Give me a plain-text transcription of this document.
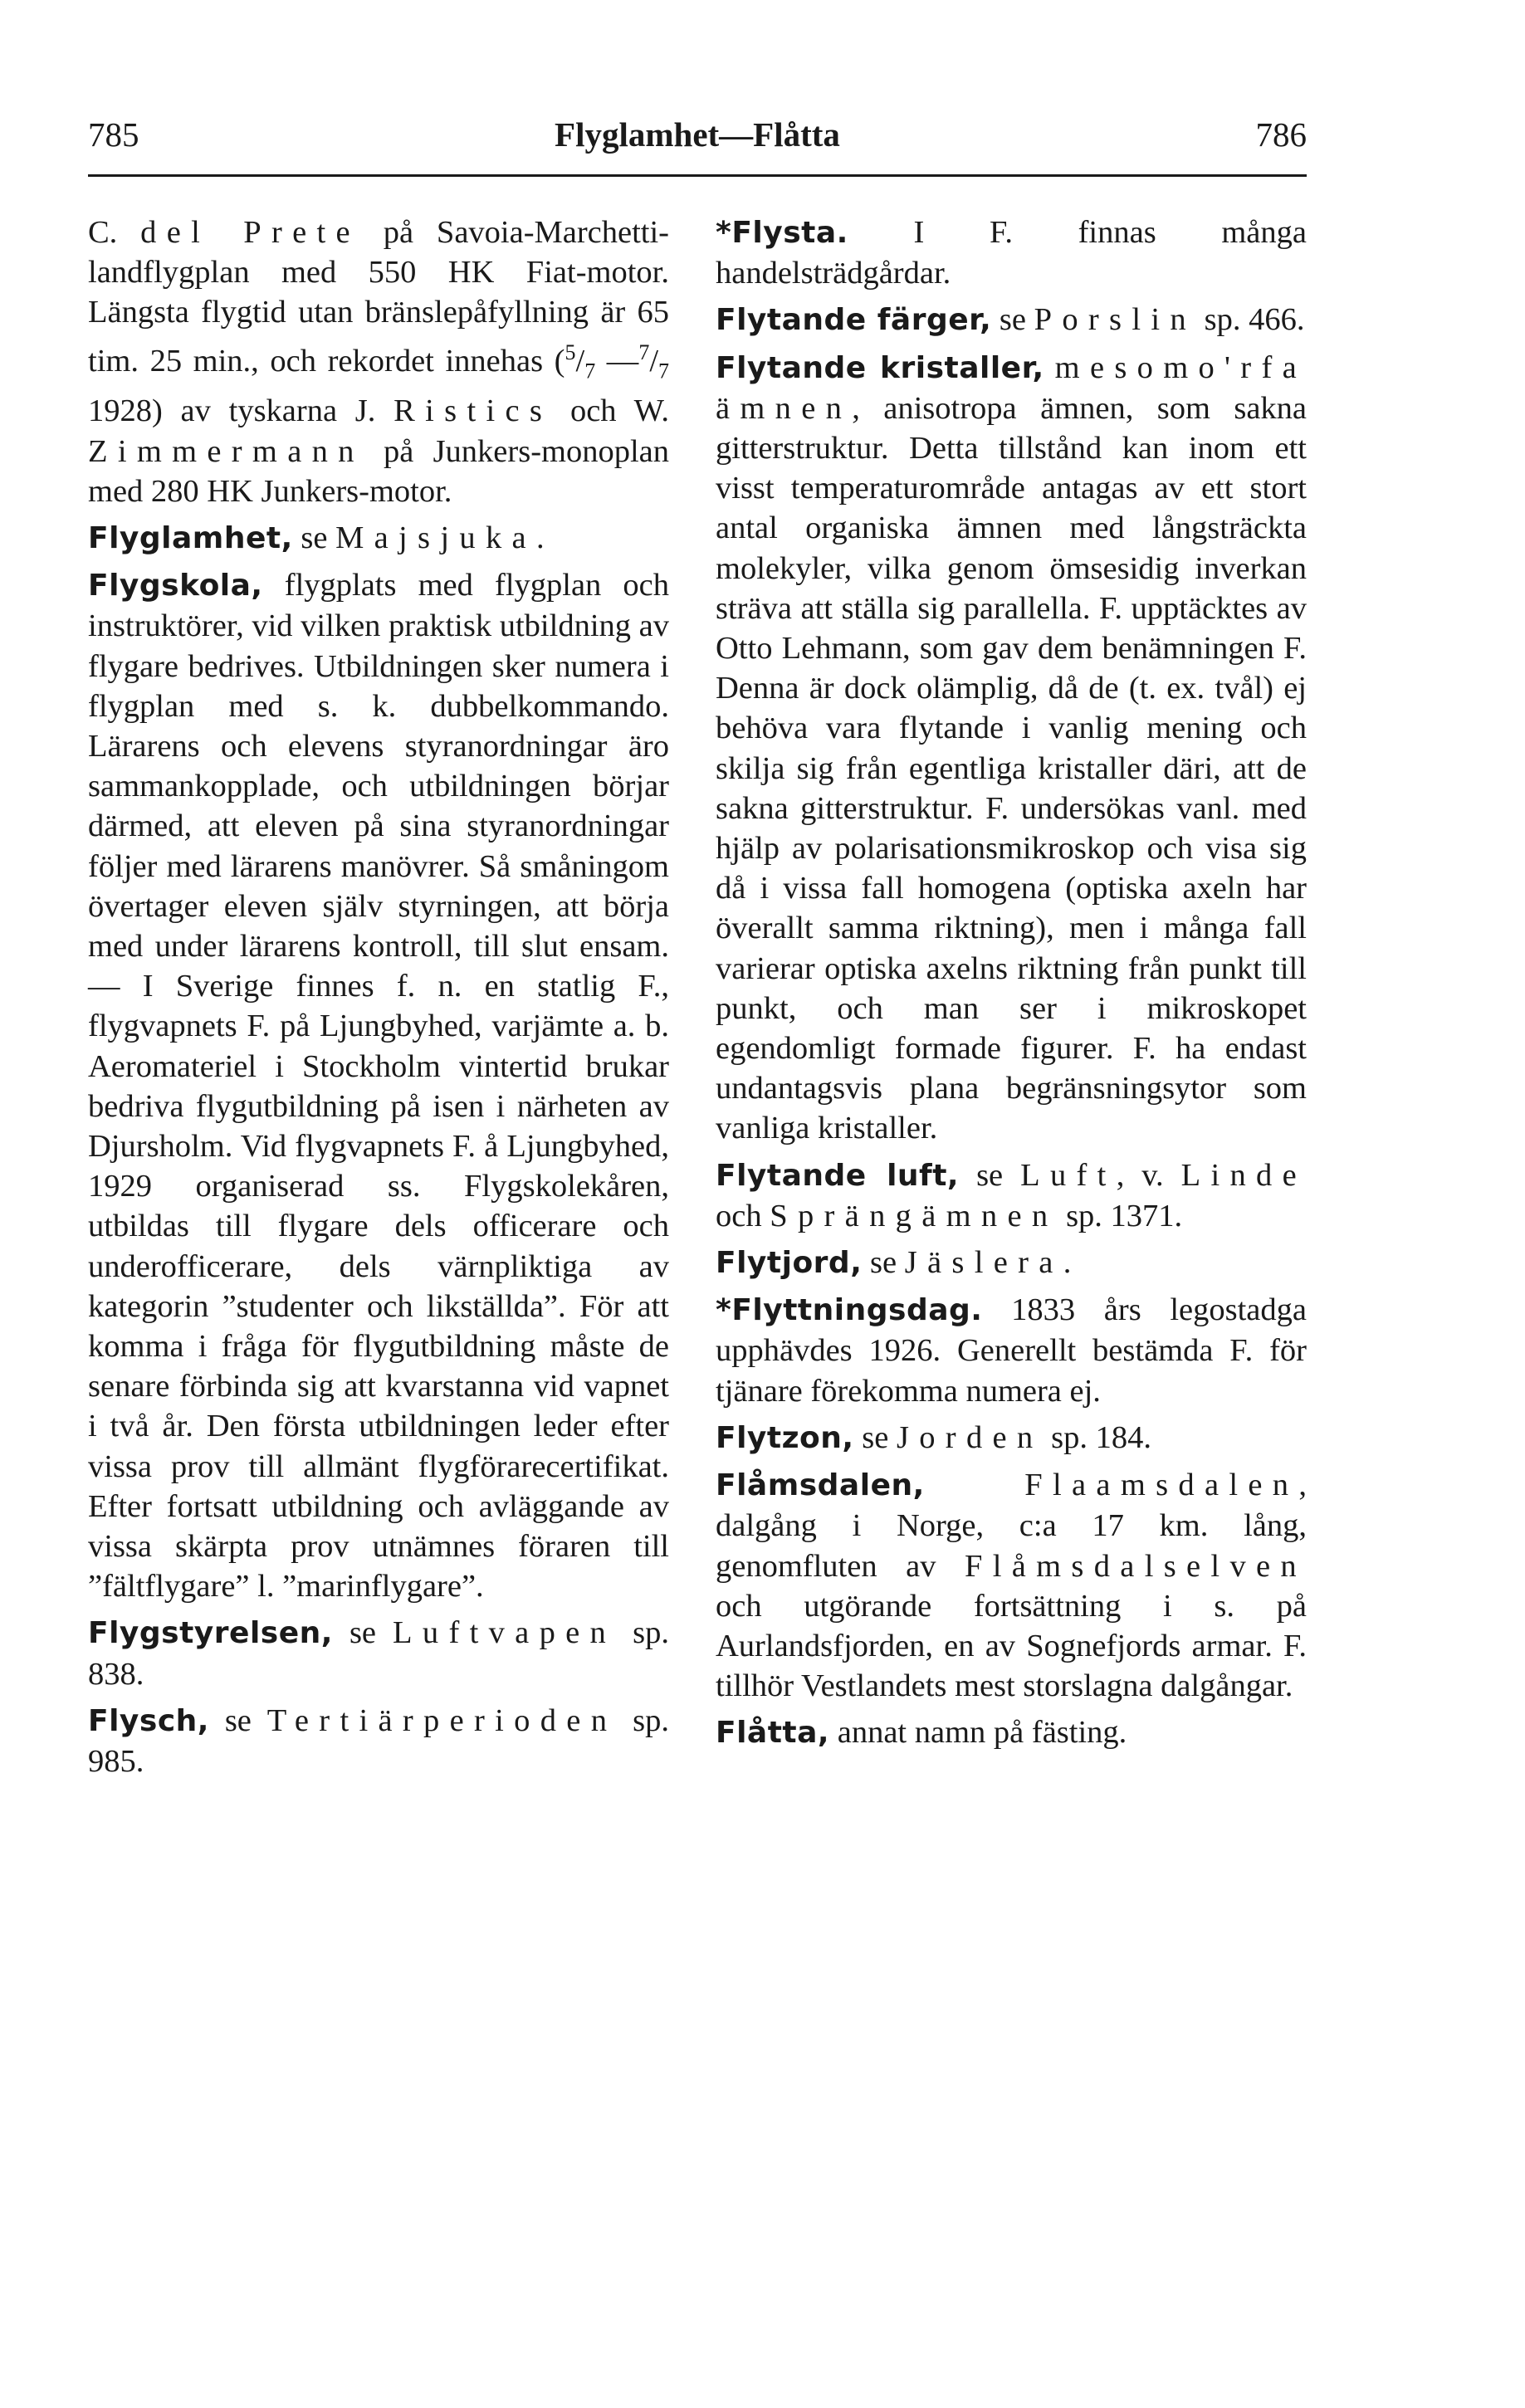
785	Flyglamhet—Flåtta	786

C. del Prete på Savoia-Marchetti-landflygplan med 550 HK Fiat-motor. Längsta flygtid utan bränslepåfyllning är 65 tim. 25 min., och rekordet innehas ($^5/_7$ $—^7/_7$ 1928) av tyskarna J. Ristics och W. Zimmermann på Junkers-monoplan med 280 HK Junkers-motor.

Flyglamhet, se Majsjuka.

Flygskola, flygplats med flygplan och instruktörer, vid vilken praktisk utbildning av flygare bedrives. Utbildningen sker numera i flygplan med s. k. dubbelkommando. Lärarens och elevens styranordningar äro sammankopplade, och utbildningen börjar därmed, att eleven på sina styranordningar följer med lärarens manövrer. Så småningom övertager eleven själv styrningen, att börja med under lärarens kontroll, till slut ensam. — I Sverige finnes f. n. en statlig F., flygvapnets F. på Ljungbyhed, varjämte a. b. Aeromateriel i Stockholm vintertid brukar bedriva flygutbildning på isen i närheten av Djursholm. Vid flygvapnets F. å Ljungbyhed, 1929 organiserad ss. Flygskolekåren, utbildas till flygare dels officerare och underofficerare, dels värnpliktiga av kategorin ”studenter och likställda”. För att komma i fråga för flygutbildning måste de senare förbinda sig att kvarstanna vid vapnet i två år. Den första utbildningen leder efter vissa prov till allmänt flygförarecertifikat. Efter fortsatt utbildning och avläggande av vissa skärpta prov utnämnes föraren till ”fältflygare” l. ”marinflygare”.

Flygstyrelsen, se Luftvapen sp. 838.

Flysch, se Tertiärperioden sp. 985.

*Flysta. I F. finnas många handelsträdgårdar.

Flytande färger, se Porslin sp. 466.

Flytande kristaller, mesomo'rfa ämnen, anisotropa ämnen, som sakna gitterstruktur. Detta tillstånd kan inom ett visst temperaturområde antagas av ett stort antal organiska ämnen med långsträckta molekyler, vilka genom ömsesidig inverkan sträva att ställa sig parallella. F. upptäcktes av Otto Lehmann, som gav dem benämningen F. Denna är dock olämplig, då de (t. ex. tvål) ej behöva vara flytande i vanlig mening och skilja sig från egentliga kristaller däri, att de sakna gitterstruktur. F. undersökas vanl. med hjälp av polarisationsmikroskop och visa sig då i vissa fall homogena (optiska axeln har överallt samma riktning), men i många fall varierar optiska axelns riktning från punkt till punkt, och man ser i mikroskopet egendomligt formade figurer. F. ha endast undantagsvis plana begränsningsytor som vanliga kristaller.

Flytande luft, se Luft, v. Linde och Sprängämnen sp. 1371.

Flytjord, se Jäslera.

*Flyttningsdag. 1833 års legostadga upphävdes 1926. Generellt bestämda F. för tjänare förekomma numera ej.

Flytzon, se Jorden sp. 184.

Flåmsdalen,	Flaamsdalen, dalgång i Norge, c:a 17 km. lång, genomfluten av Flåmsdalselven och utgörande fortsättning i s. på Aurlandsfjorden, en av Sognefjords armar. F. tillhör Vestlandets mest storslagna dalgångar.

Flåtta, annat namn på fästing.
